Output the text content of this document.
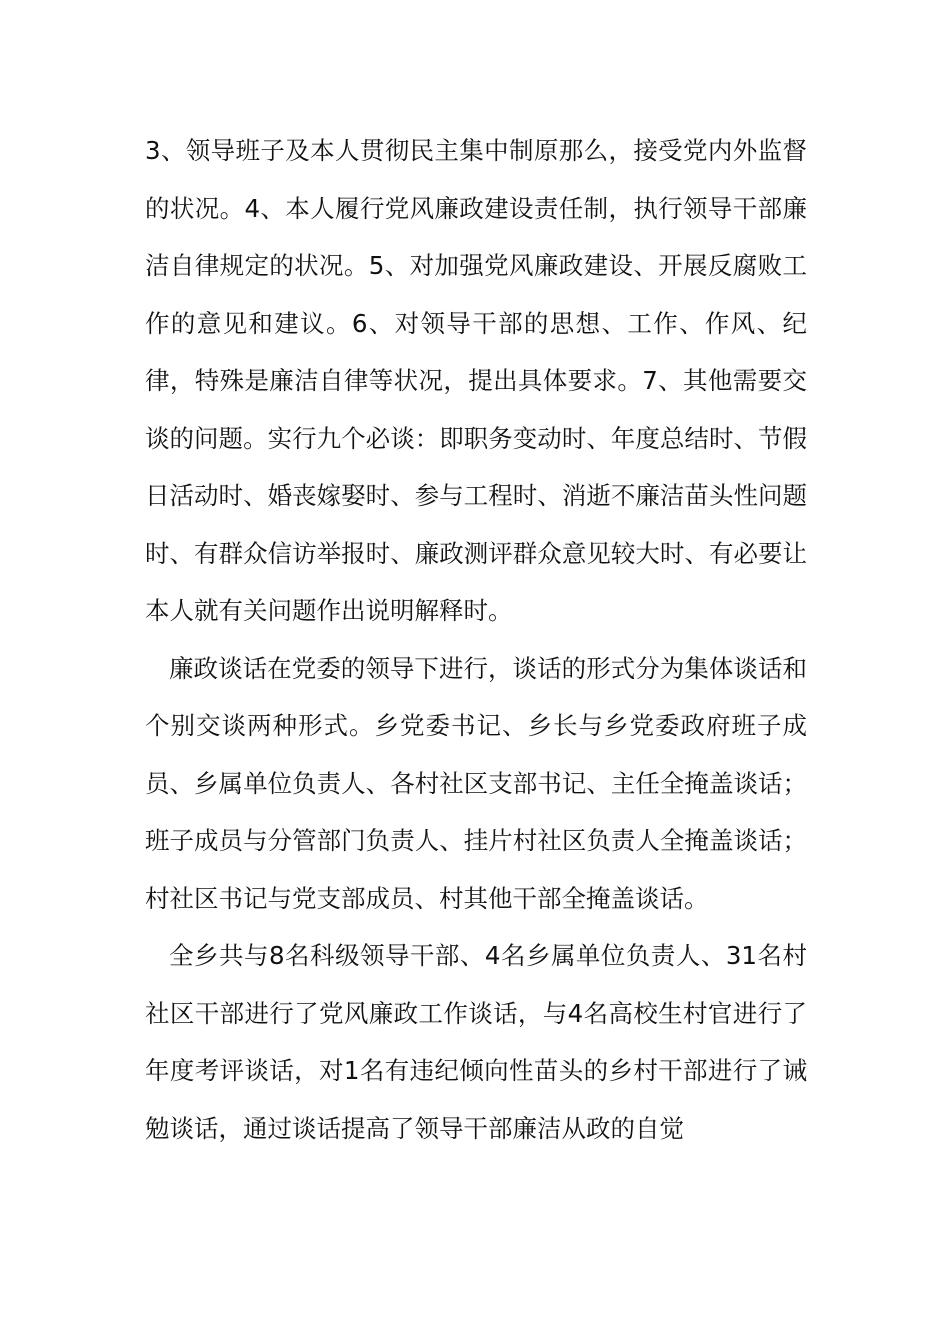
3、领导班子及本人贯彻民主集中制原那么，接受党内外监督的状况。4、本人履行党风廉政建设责任制，执行领导干部廉洁自律规定的状况。5、对加强党风廉政建设、开展反腐败工作的意见和建议。6、对领导干部的思想、工作、作风、纪律，特殊是廉洁自律等状况，提出具体要求。7、其他需要交谈的问题。实行九个必谈：即职务变动时、年度总结时、节假日活动时、婚丧嫁娶时、参与工程时、消逝不廉洁苗头性问题时、有群众信访举报时、廉政测评群众意见较大时、有必要让本人就有关问题作出说明解释时。

廉政谈话在党委的领导下进行，谈话的形式分为集体谈话和个别交谈两种形式。乡党委书记、乡长与乡党委政府班子成员、乡属单位负责人、各村社区支部书记、主任全掩盖谈话；班子成员与分管部门负责人、挂片村社区负责人全掩盖谈话；村社区书记与党支部成员、村其他干部全掩盖谈话。

全乡共与8名科级领导干部、4名乡属单位负责人、31名村社区干部进行了党风廉政工作谈话，与4名高校生村官进行了年度考评谈话，对1名有违纪倾向性苗头的乡村干部进行了诫勉谈话，通过谈话提高了领导干部廉洁从政的自觉
